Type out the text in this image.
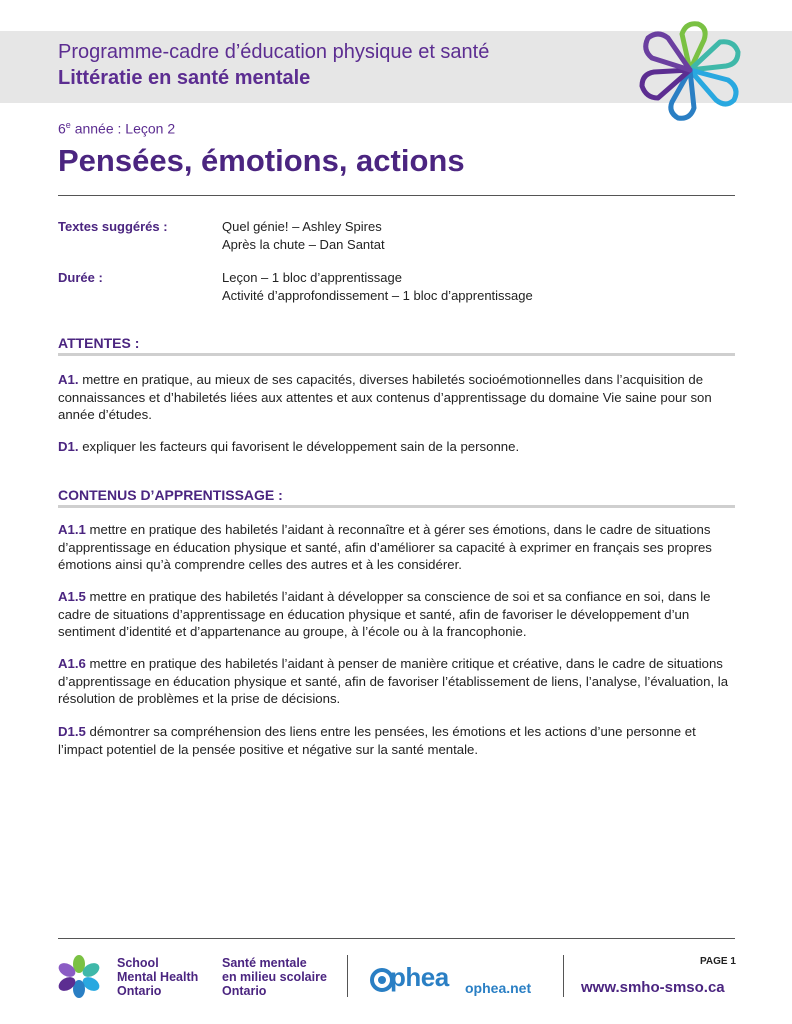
Programme-cadre d’éducation physique et santé
Littératie en santé mentale
6e année : Leçon 2
Pensées, émotions, actions
Textes suggérés :	Quel génie! – Ashley Spires
Après la chute – Dan Santat
Durée :	Leçon – 1 bloc d’apprentissage
Activité d’approfondissement – 1 bloc d’apprentissage
ATTENTES :
A1. mettre en pratique, au mieux de ses capacités, diverses habiletés socioémotionnelles dans l’acquisition de connaissances et d’habiletés liées aux attentes et aux contenus d’apprentissage du domaine Vie saine pour son année d’études.
D1. expliquer les facteurs qui favorisent le développement sain de la personne.
CONTENUS D’APPRENTISSAGE :
A1.1 mettre en pratique des habiletés l’aidant à reconnaître et à gérer ses émotions, dans le cadre de situations d’apprentissage en éducation physique et santé, afin d’améliorer sa capacité à exprimer en français ses propres émotions ainsi qu’à comprendre celles des autres et à les considérer.
A1.5 mettre en pratique des habiletés l’aidant à développer sa conscience de soi et sa confiance en soi, dans le cadre de situations d’apprentissage en éducation physique et santé, afin de favoriser le développement d’un sentiment d’identité et d’appartenance au groupe, à l’école ou à la francophonie.
A1.6 mettre en pratique des habiletés l’aidant à penser de manière critique et créative, dans le cadre de situations d’apprentissage en éducation physique et santé, afin de favoriser l’établissement de liens, l’analyse, l’évaluation, la résolution de problèmes et la prise de décisions.
D1.5 démontrer sa compréhension des liens entre les pensées, les émotions et les actions d’une personne et l’impact potentiel de la pensée positive et négative sur la santé mentale.
School
Mental Health
Ontario
Santé mentale
en milieu scolaire
Ontario	phea ophea.net
PAGE 1
www.smho-smso.ca
